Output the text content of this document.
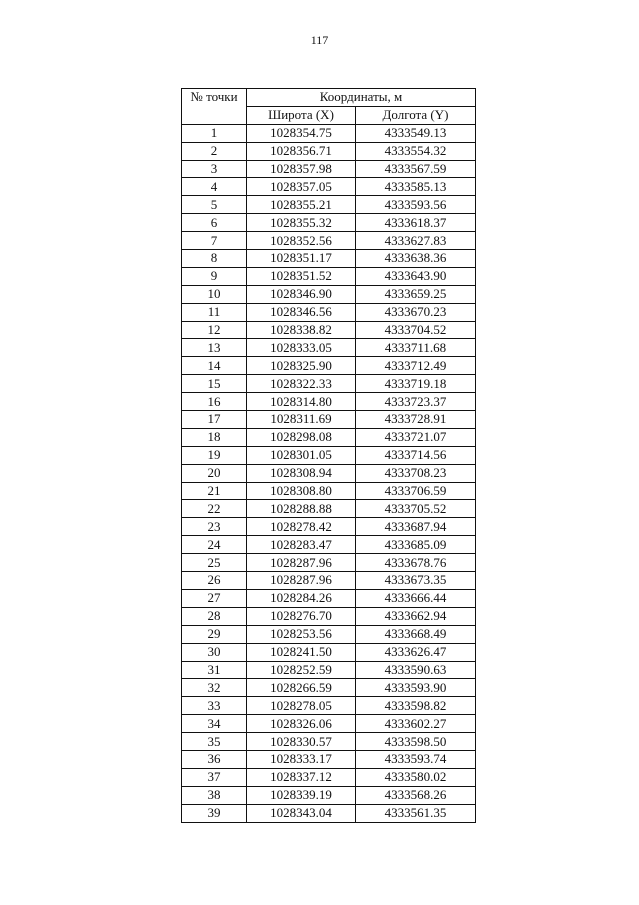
117
№ точки	Координаты, м	
	Широта (X)	Долгота (Y)
1	1028354.75	4333549.13
2	1028356.71	4333554.32
3	1028357.98	4333567.59
4	1028357.05	4333585.13
5	1028355.21	4333593.56
6	1028355.32	4333618.37
7	1028352.56	4333627.83
8	1028351.17	4333638.36
9	1028351.52	4333643.90
10	1028346.90	4333659.25
11	1028346.56	4333670.23
12	1028338.82	4333704.52
13	1028333.05	4333711.68
14	1028325.90	4333712.49
15	1028322.33	4333719.18
16	1028314.80	4333723.37
17	1028311.69	4333728.91
18	1028298.08	4333721.07
19	1028301.05	4333714.56
20	1028308.94	4333708.23
21	1028308.80	4333706.59
22	1028288.88	4333705.52
23	1028278.42	4333687.94
24	1028283.47	4333685.09
25	1028287.96	4333678.76
26	1028287.96	4333673.35
27	1028284.26	4333666.44
28	1028276.70	4333662.94
29	1028253.56	4333668.49
30	1028241.50	4333626.47
31	1028252.59	4333590.63
32	1028266.59	4333593.90
33	1028278.05	4333598.82
34	1028326.06	4333602.27
35	1028330.57	4333598.50
36	1028333.17	4333593.74
37	1028337.12	4333580.02
38	1028339.19	4333568.26
39	1028343.04	4333561.35
